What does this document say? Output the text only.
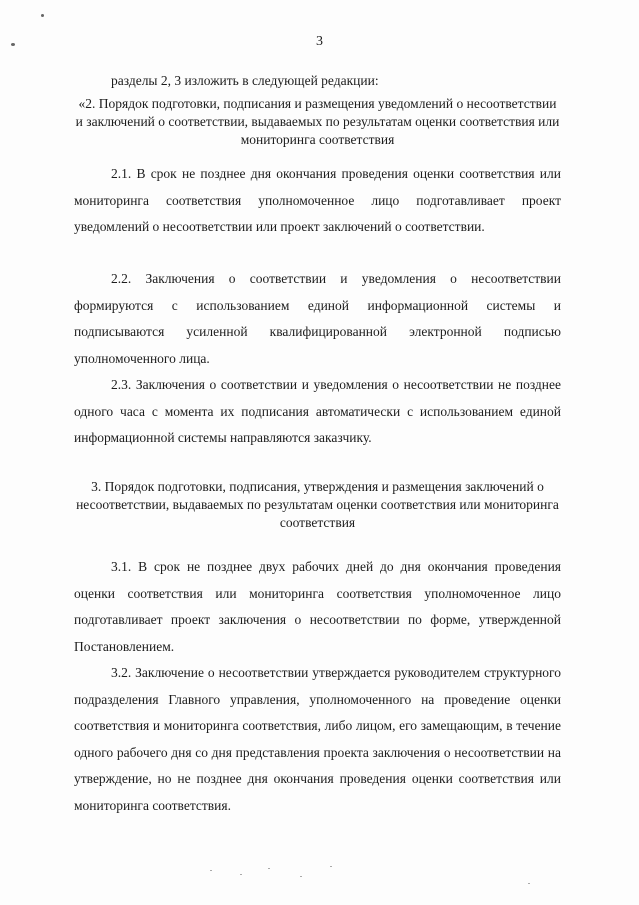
3
разделы 2, 3 изложить в следующей редакции:
«2. Порядок подготовки, подписания и размещения уведомлений о несоответствии и заключений о соответствии, выдаваемых по результатам оценки соответствия или мониторинга соответствия
2.1. В срок не позднее дня окончания проведения оценки соответствия или мониторинга соответствия уполномоченное лицо подготавливает проект уведомлений о несоответствии или проект заключений о соответствии.
2.2. Заключения о соответствии и уведомления о несоответствии формируются с использованием единой информационной системы и подписываются усиленной квалифицированной электронной подписью уполномоченного лица.
2.3. Заключения о соответствии и уведомления о несоответствии не позднее одного часа с момента их подписания автоматически с использованием единой информационной системы направляются заказчику.
3. Порядок подготовки, подписания, утверждения и размещения заключений о несоответствии, выдаваемых по результатам оценки соответствия или мониторинга соответствия
3.1. В срок не позднее двух рабочих дней до дня окончания проведения оценки соответствия или мониторинга соответствия уполномоченное лицо подготавливает проект заключения о несоответствии по форме, утвержденной Постановлением.
3.2. Заключение о несоответствии утверждается руководителем структурного подразделения Главного управления, уполномоченного на проведение оценки соответствия и мониторинга соответствия, либо лицом, его замещающим, в течение одного рабочего дня со дня представления проекта заключения о несоответствии на утверждение, но не позднее дня окончания проведения оценки соответствия или мониторинга соответствия.
